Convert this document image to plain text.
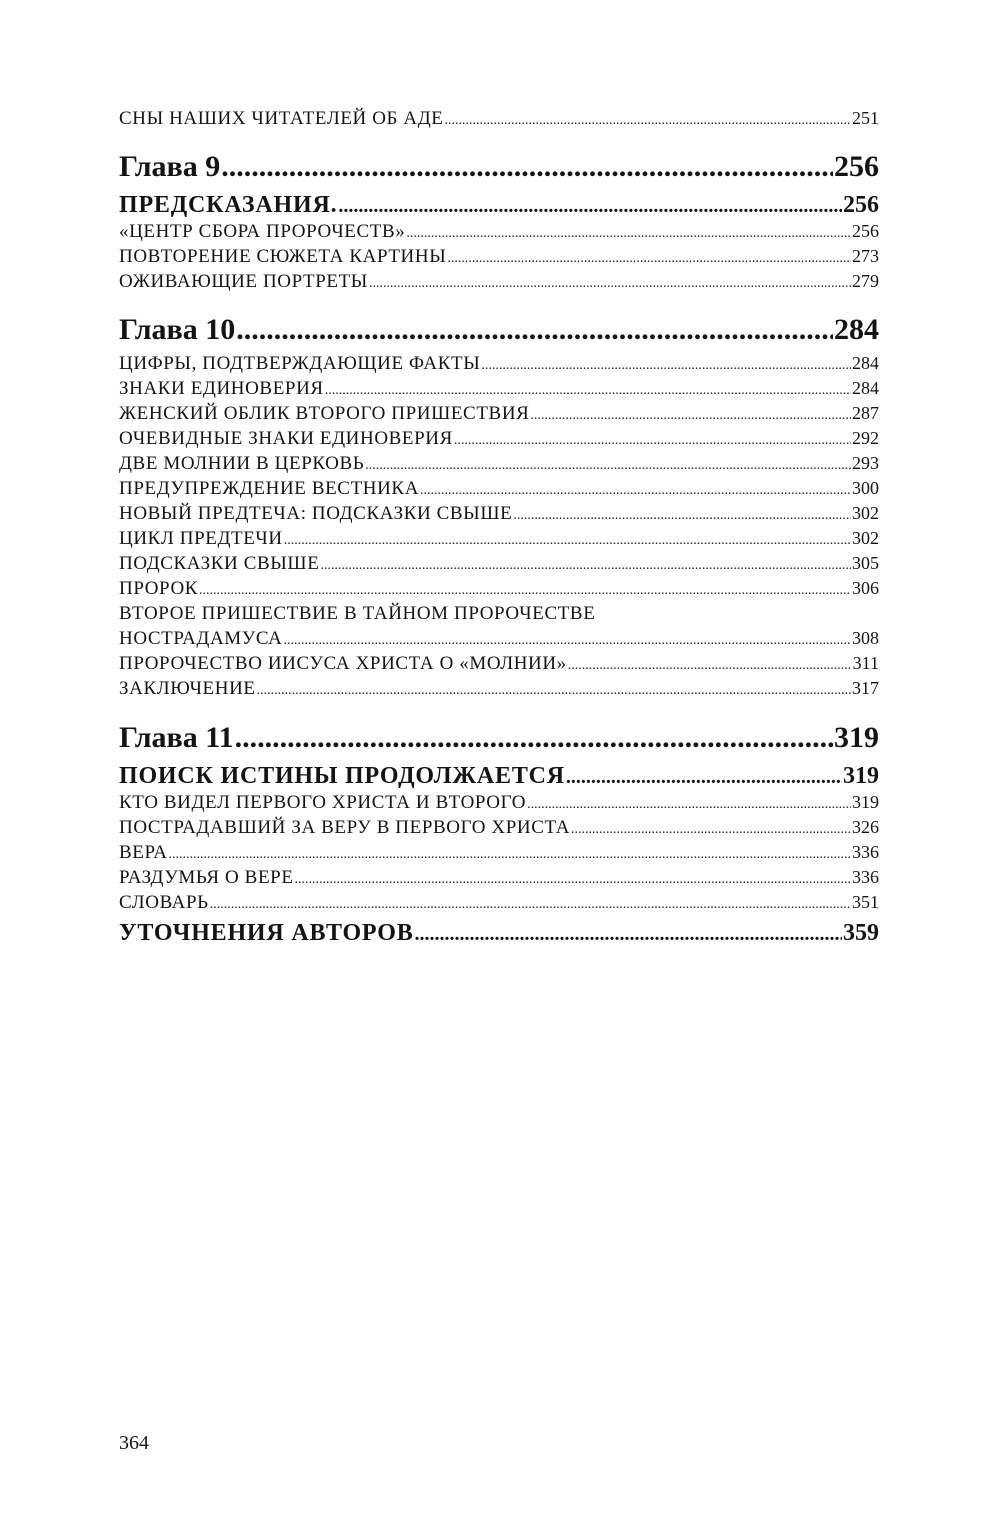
СНЫ НАШИХ ЧИТАТЕЛЕЙ ОБ АДЕ .....	251
Глава 9 .....	256
ПРЕДСКАЗАНИЯ. .....	256
«ЦЕНТР СБОРА ПРОРОЧЕСТВ» .....	256
ПОВТОРЕНИЕ СЮЖЕТА КАРТИНЫ .....	273
ОЖИВАЮЩИЕ ПОРТРЕТЫ .....	279
Глава 10 .....	284
ЦИФРЫ, ПОДТВЕРЖДАЮЩИЕ ФАКТЫ .....	284
ЗНАКИ ЕДИНОВЕРИЯ .....	284
ЖЕНСКИЙ ОБЛИК ВТОРОГО ПРИШЕСТВИЯ .....	287
ОЧЕВИДНЫЕ ЗНАКИ ЕДИНОВЕРИЯ .....	292
ДВЕ МОЛНИИ В ЦЕРКОВЬ .....	293
ПРЕДУПРЕЖДЕНИЕ ВЕСТНИКА .....	300
НОВЫЙ ПРЕДТЕЧА: ПОДСКАЗКИ СВЫШЕ .....	302
ЦИКЛ ПРЕДТЕЧИ .....	302
ПОДСКАЗКИ СВЫШЕ .....	305
ПРОРОК .....	306
ВТОРОЕ ПРИШЕСТВИЕ В ТАЙНОМ ПРОРОЧЕСТВЕ
НОСТРАДАМУСА .....	308
ПРОРОЧЕСТВО ИИСУСА ХРИСТА О «МОЛНИИ» .....	311
ЗАКЛЮЧЕНИЕ .....	317
Глава 11 .....	319
ПОИСК ИСТИНЫ ПРОДОЛЖАЕТСЯ .....	319
КТО ВИДЕЛ ПЕРВОГО ХРИСТА И ВТОРОГО .....	319
ПОСТРАДАВШИЙ ЗА ВЕРУ В ПЕРВОГО ХРИСТА .....	326
ВЕРА .....	336
РАЗДУМЬЯ О ВЕРЕ .....	336
СЛОВАРЬ .....	351
УТОЧНЕНИЯ АВТОРОВ .....	359
364
